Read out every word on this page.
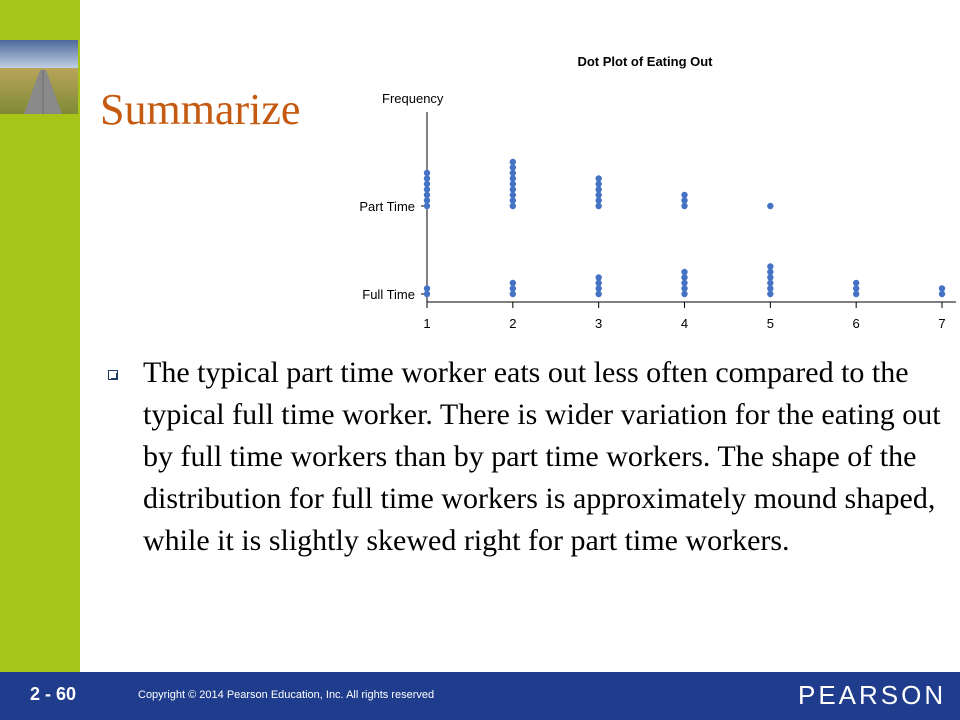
Summarize
Dot Plot of Eating Out
Frequency
1	2	3	4	5	6	7
Full Time
Part Time

The typical part time worker eats out less often compared to the typical full time worker. There is wider variation for the eating out by full time workers than by part time workers. The shape of the distribution for full time workers is approximately mound shaped, while it is slightly skewed right for part time workers.

2 - 60	Copyright © 2014 Pearson Education, Inc. All rights reserved	PEARSON
